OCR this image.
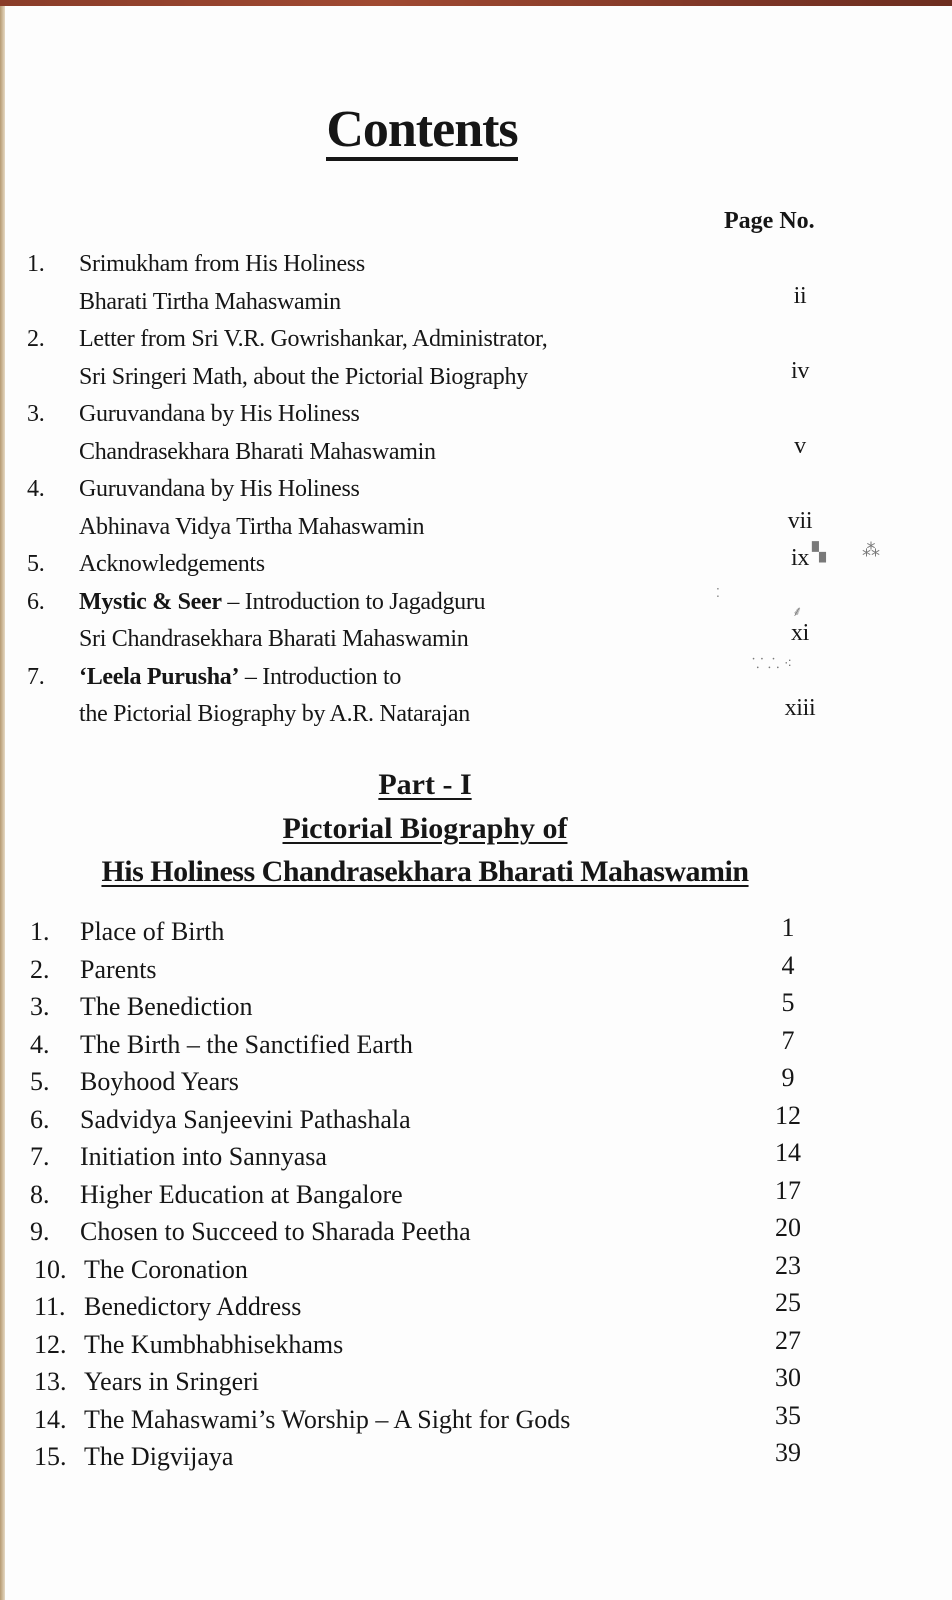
Contents
Page No.
1. Srimukham from His Holiness
Bharati Tirtha Mahaswamin	ii
2. Letter from Sri V.R. Gowrishankar, Administrator,
Sri Sringeri Math, about the Pictorial Biography	iv
3. Guruvandana by His Holiness
Chandrasekhara Bharati Mahaswamin	v
4. Guruvandana by His Holiness
Abhinava Vidya Tirtha Mahaswamin	vii
5. Acknowledgements	ix
6. Mystic & Seer – Introduction to Jagadguru
Sri Chandrasekhara Bharati Mahaswamin	xi
7. ‘Leela Purusha’ – Introduction to
the Pictorial Biography by A.R. Natarajan	xiii
▚ ⁂
⁚
⸙
⸪ ⸫ ⁖
Part - I
Pictorial Biography of
His Holiness Chandrasekhara Bharati Mahaswamin
1. Place of Birth	1
2. Parents	4
3. The Benediction	5
4. The Birth – the Sanctified Earth	7
5. Boyhood Years	9
6. Sadvidya Sanjeevini Pathashala	12
7. Initiation into Sannyasa	14
8. Higher Education at Bangalore	17
9. Chosen to Succeed to Sharada Peetha	20
10. The Coronation	23
11. Benedictory Address	25
12. The Kumbhabhisekhams	27
13. Years in Sringeri	30
14. The Mahaswami’s Worship – A Sight for Gods	35
15. The Digvijaya	39
